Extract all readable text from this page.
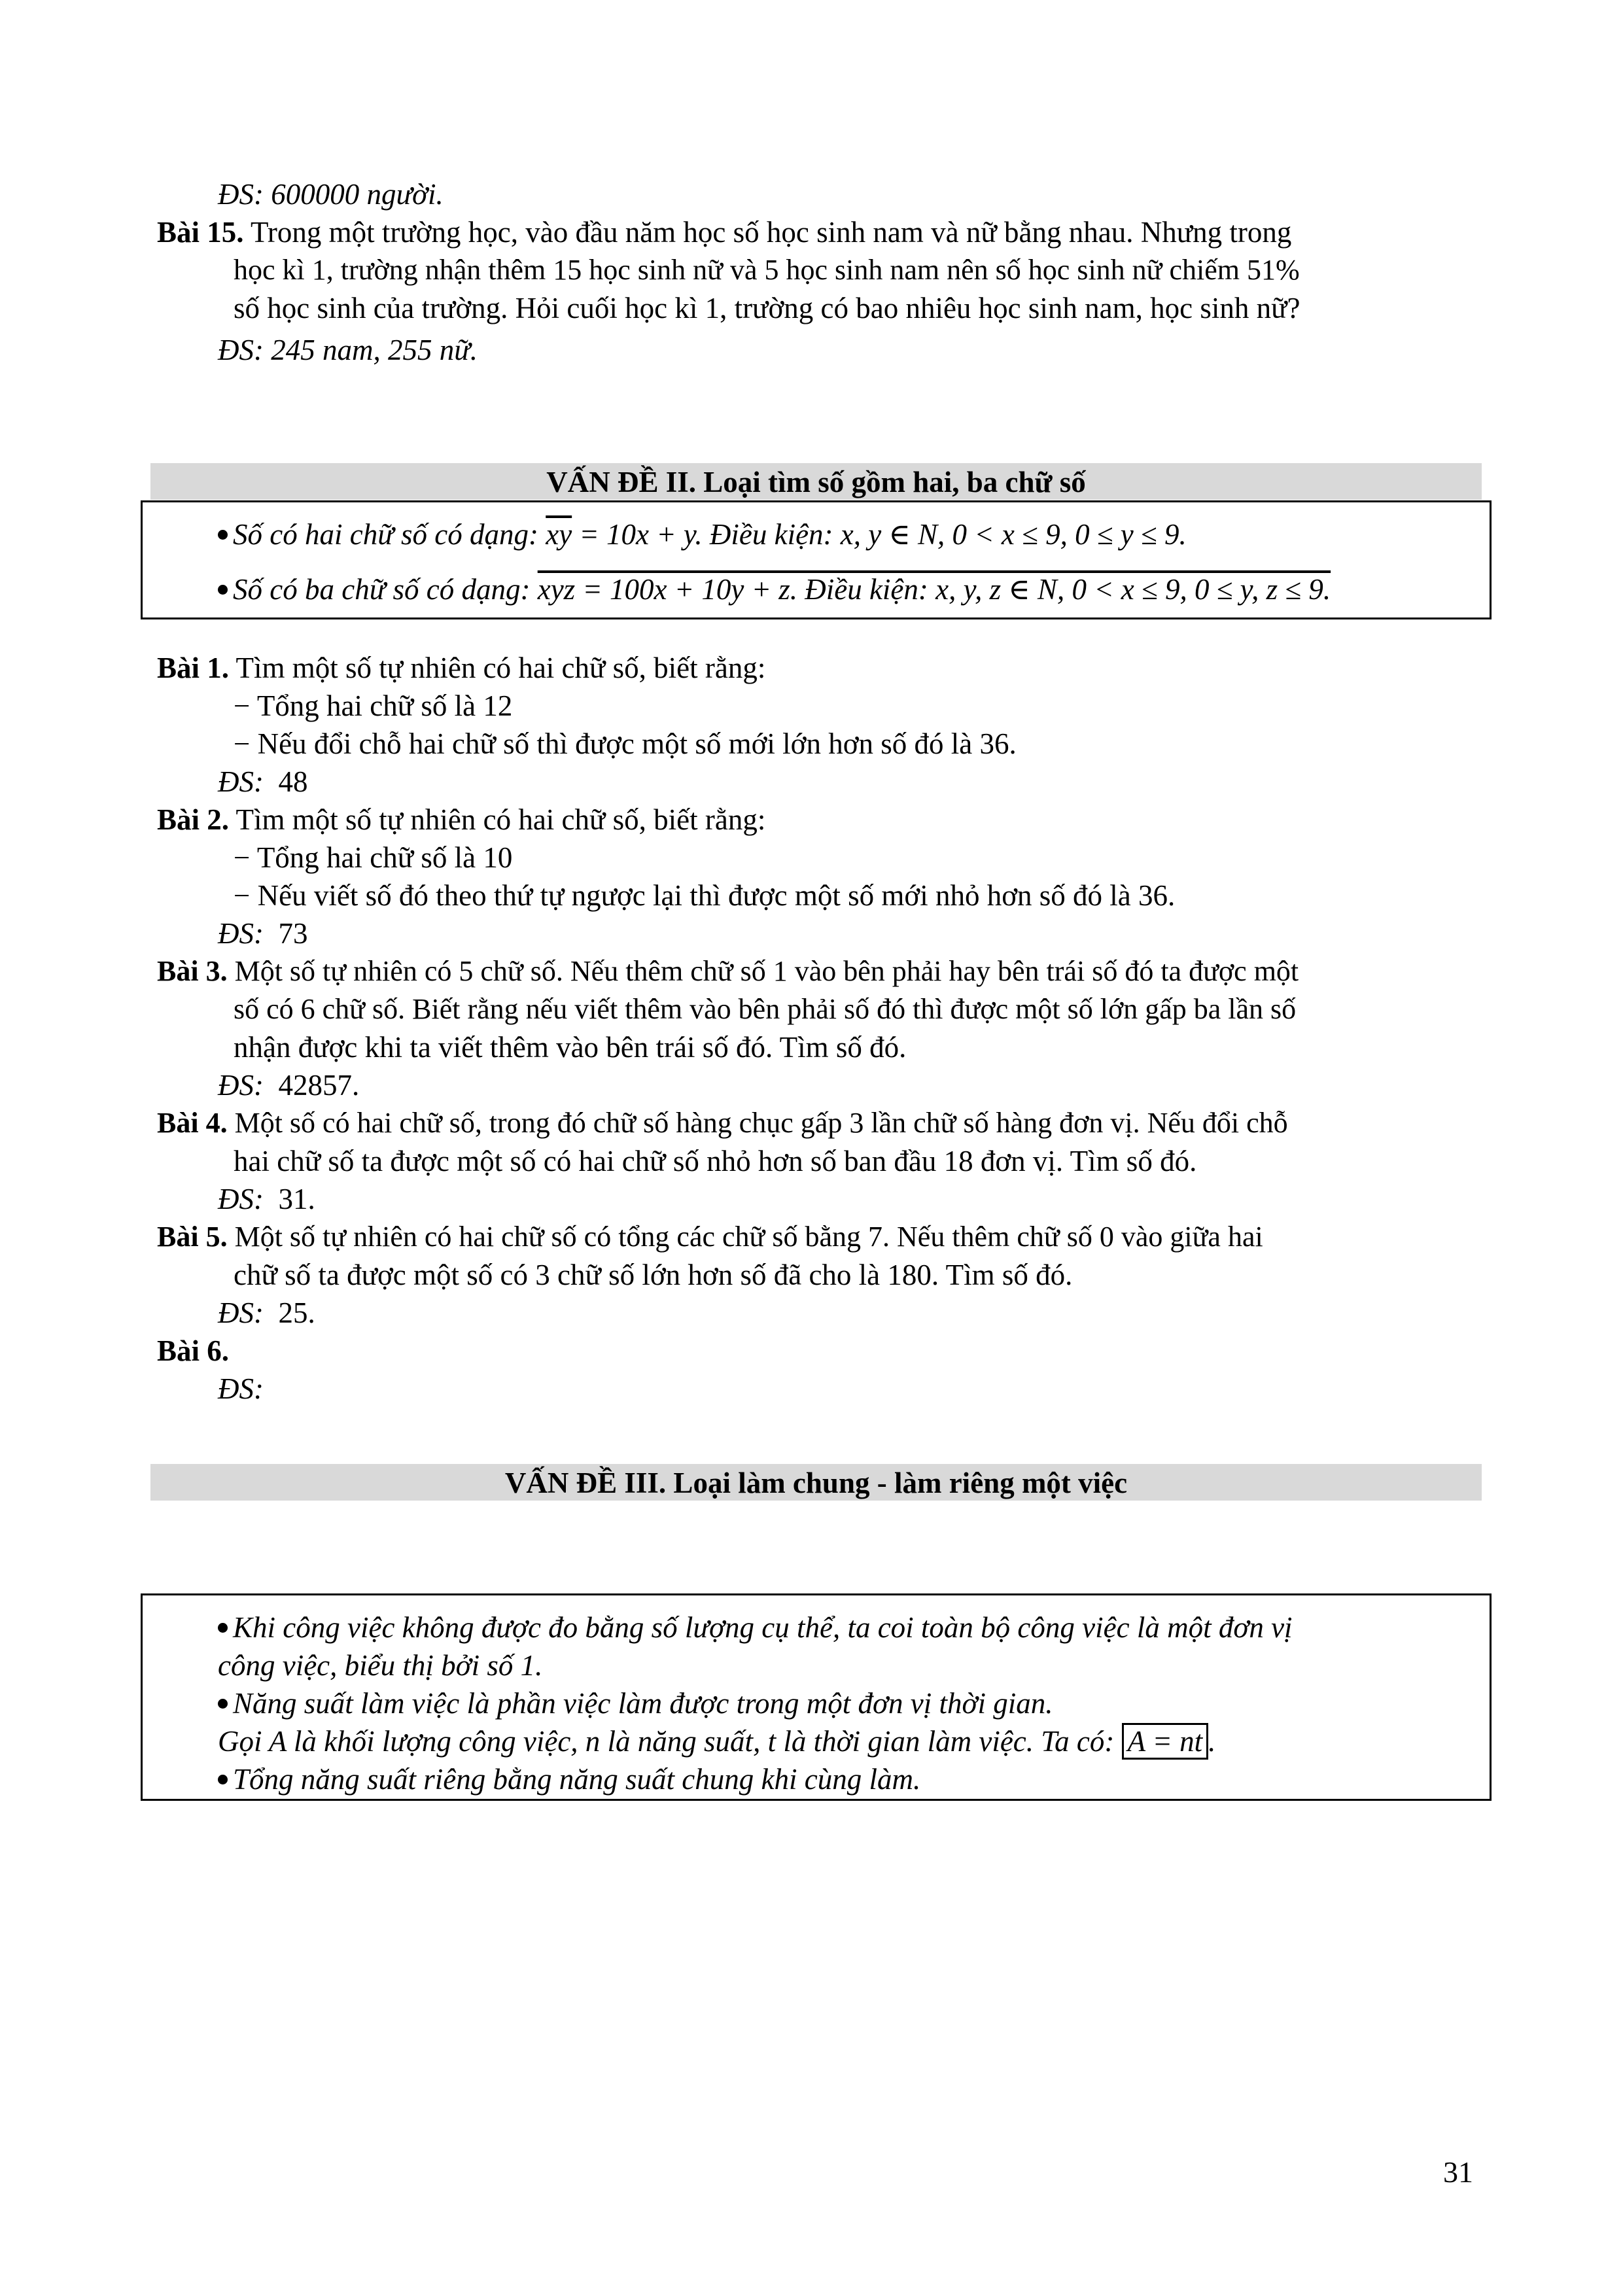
ĐS: 600000 người.
Bài 15. Trong một trường học, vào đầu năm học số học sinh nam và nữ bằng nhau. Nhưng trong
học kì 1, trường nhận thêm 15 học sinh nữ và 5 học sinh nam nên số học sinh nữ chiếm 51%
số học sinh của trường. Hỏi cuối học kì 1, trường có bao nhiêu học sinh nam, học sinh nữ?
ĐS: 245 nam, 255 nữ.
VẤN ĐỀ II. Loại tìm số gồm hai, ba chữ số
Số có hai chữ số có dạng: $\overline{xy} = 10x + y$. Điều kiện: x, y ∈ N, 0 < x ≤ 9, 0 ≤ y ≤ 9.
Số có ba chữ số có dạng: xyz = 100x + 10y + z. Điều kiện: x, y, z ∈ N, 0 < x ≤ 9, 0 ≤ y, z ≤ 9.
Bài 1. Tìm một số tự nhiên có hai chữ số, biết rằng:
− Tổng hai chữ số là 12
− Nếu đổi chỗ hai chữ số thì được một số mới lớn hơn số đó là 36.
ĐS: 48
Bài 2. Tìm một số tự nhiên có hai chữ số, biết rằng:
− Tổng hai chữ số là 10
− Nếu viết số đó theo thứ tự ngược lại thì được một số mới nhỏ hơn số đó là 36.
ĐS: 73
Bài 3. Một số tự nhiên có 5 chữ số. Nếu thêm chữ số 1 vào bên phải hay bên trái số đó ta được một
số có 6 chữ số. Biết rằng nếu viết thêm vào bên phải số đó thì được một số lớn gấp ba lần số
nhận được khi ta viết thêm vào bên trái số đó. Tìm số đó.
ĐS: 42857.
Bài 4. Một số có hai chữ số, trong đó chữ số hàng chục gấp 3 lần chữ số hàng đơn vị. Nếu đổi chỗ
hai chữ số ta được một số có hai chữ số nhỏ hơn số ban đầu 18 đơn vị. Tìm số đó.
ĐS: 31.
Bài 5. Một số tự nhiên có hai chữ số có tổng các chữ số bằng 7. Nếu thêm chữ số 0 vào giữa hai
chữ số ta được một số có 3 chữ số lớn hơn số đã cho là 180. Tìm số đó.
ĐS: 25.
Bài 6.
ĐS:
VẤN ĐỀ III. Loại làm chung - làm riêng một việc
Khi công việc không được đo bằng số lượng cụ thể, ta coi toàn bộ công việc là một đơn vị
công việc, biểu thị bởi số 1.
Năng suất làm việc là phần việc làm được trong một đơn vị thời gian.
Gọi A là khối lượng công việc, n là năng suất, t là thời gian làm việc. Ta có: A = nt .
Tổng năng suất riêng bằng năng suất chung khi cùng làm.
31
